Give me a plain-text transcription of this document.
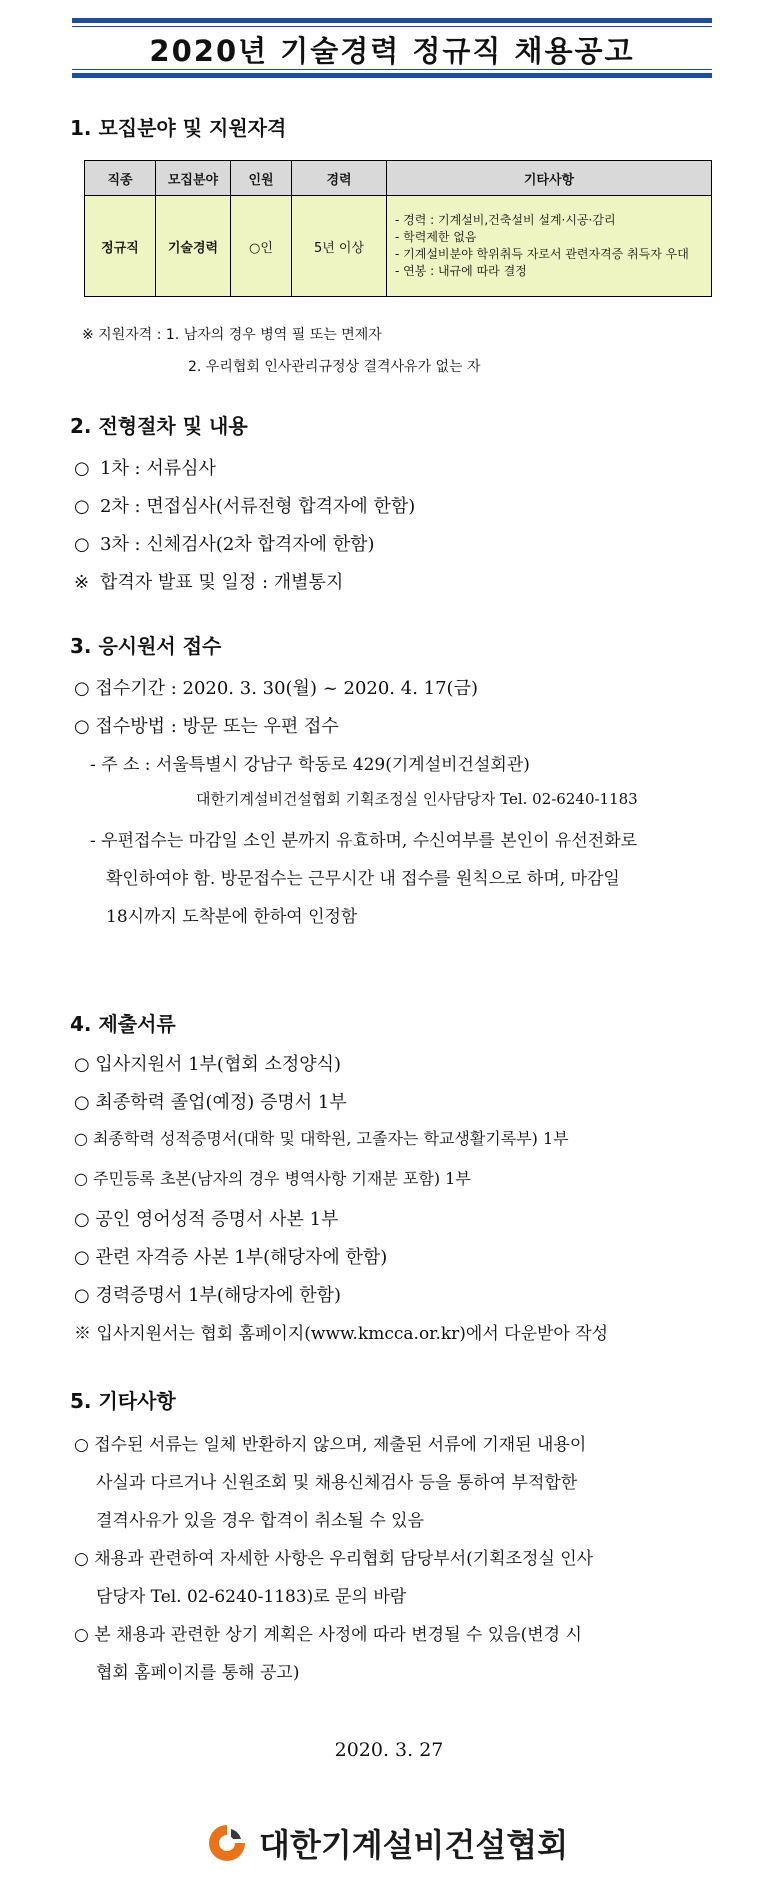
2020년 기술경력 정규직 채용공고
1. 모집분야 및 지원자격
직종	모집분야	인원	경력	기타사항
정규직	기술경력	○인	5년 이상	- 경력 : 기계설비,건축설비 설계·시공·감리
- 학력제한 없음
- 기계설비분야 학위취득 자로서 관련자격증 취득자 우대
- 연봉 : 내규에 따라 결정
※ 지원자격 : 1. 남자의 경우 병역 필 또는 면제자
2. 우리협회 인사관리규정상 결격사유가 없는 자
2. 전형절차 및 내용
○ 1차 : 서류심사
○ 2차 : 면접심사(서류전형 합격자에 한함)
○ 3차 : 신체검사(2차 합격자에 한함)
※ 합격자 발표 및 일정 : 개별통지
3. 응시원서 접수
○ 접수기간 : 2020. 3. 30(월) ~ 2020. 4. 17(금)
○ 접수방법 : 방문 또는 우편 접수
- 주 소 : 서울특별시 강남구 학동로 429(기계설비건설회관)
대한기계설비건설협회 기획조정실 인사담당자 Tel. 02-6240-1183
- 우편접수는 마감일 소인 분까지 유효하며, 수신여부를 본인이 유선전화로
확인하여야 함. 방문접수는 근무시간 내 접수를 원칙으로 하며, 마감일
18시까지 도착분에 한하여 인정함
4. 제출서류
○ 입사지원서 1부(협회 소정양식)
○ 최종학력 졸업(예정) 증명서 1부
○ 최종학력 성적증명서(대학 및 대학원, 고졸자는 학교생활기록부) 1부
○ 주민등록 초본(남자의 경우 병역사항 기재분 포함) 1부
○ 공인 영어성적 증명서 사본 1부
○ 관련 자격증 사본 1부(해당자에 한함)
○ 경력증명서 1부(해당자에 한함)
※ 입사지원서는 협회 홈페이지(www.kmcca.or.kr)에서 다운받아 작성
5. 기타사항
○ 접수된 서류는 일체 반환하지 않으며, 제출된 서류에 기재된 내용이
사실과 다르거나 신원조회 및 채용신체검사 등을 통하여 부적합한
결격사유가 있을 경우 합격이 취소될 수 있음
○ 채용과 관련하여 자세한 사항은 우리협회 담당부서(기획조정실 인사
담당자 Tel. 02-6240-1183)로 문의 바람
○ 본 채용과 관련한 상기 계획은 사정에 따라 변경될 수 있음(변경 시
협회 홈페이지를 통해 공고)
2020. 3. 27
대한기계설비건설협회
